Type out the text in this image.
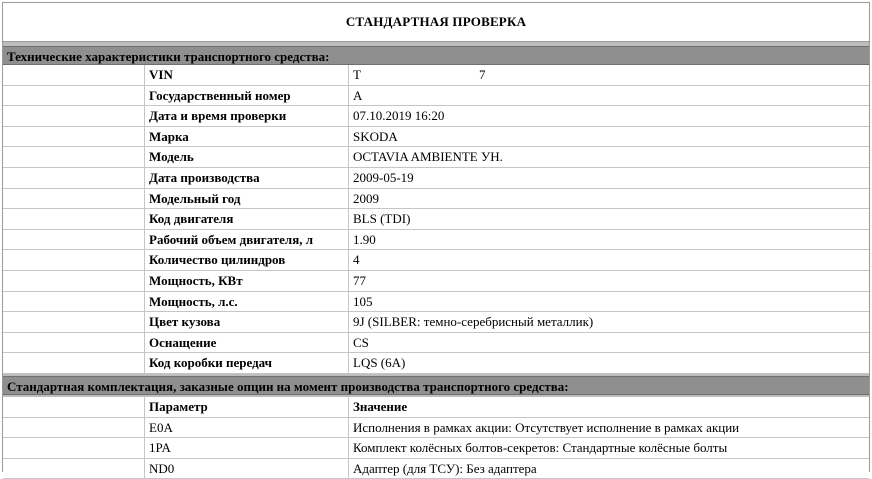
СТАНДАРТНАЯ ПРОВЕРКА
Технические характеристики транспортного средства:
VIN	T	7
Государственный номер	А
Дата и время проверки	07.10.2019 16:20
Марка	SKODA
Модель	OCTAVIA AMBIENTE УН.
Дата производства	2009-05-19
Модельный год	2009
Код двигателя	BLS (TDI)
Рабочий объем двигателя, л	1.90
Количество цилиндров	4
Мощность, КВт	77
Мощность, л.с.	105
Цвет кузова	9J (SILBER: темно-серебрисный металлик)
Оснащение	CS
Код коробки передач	LQS (6A)
Стандартная комплектация, заказные опции на момент производства транспортного средства:
Параметр	Значение
E0A	Исполнения в рамках акции: Отсутствует исполнение в рамках акции
1PA	Комплект колёсных болтов-секретов: Стандартные колёсные болты
ND0	Адаптер (для ТСУ): Без адаптера
